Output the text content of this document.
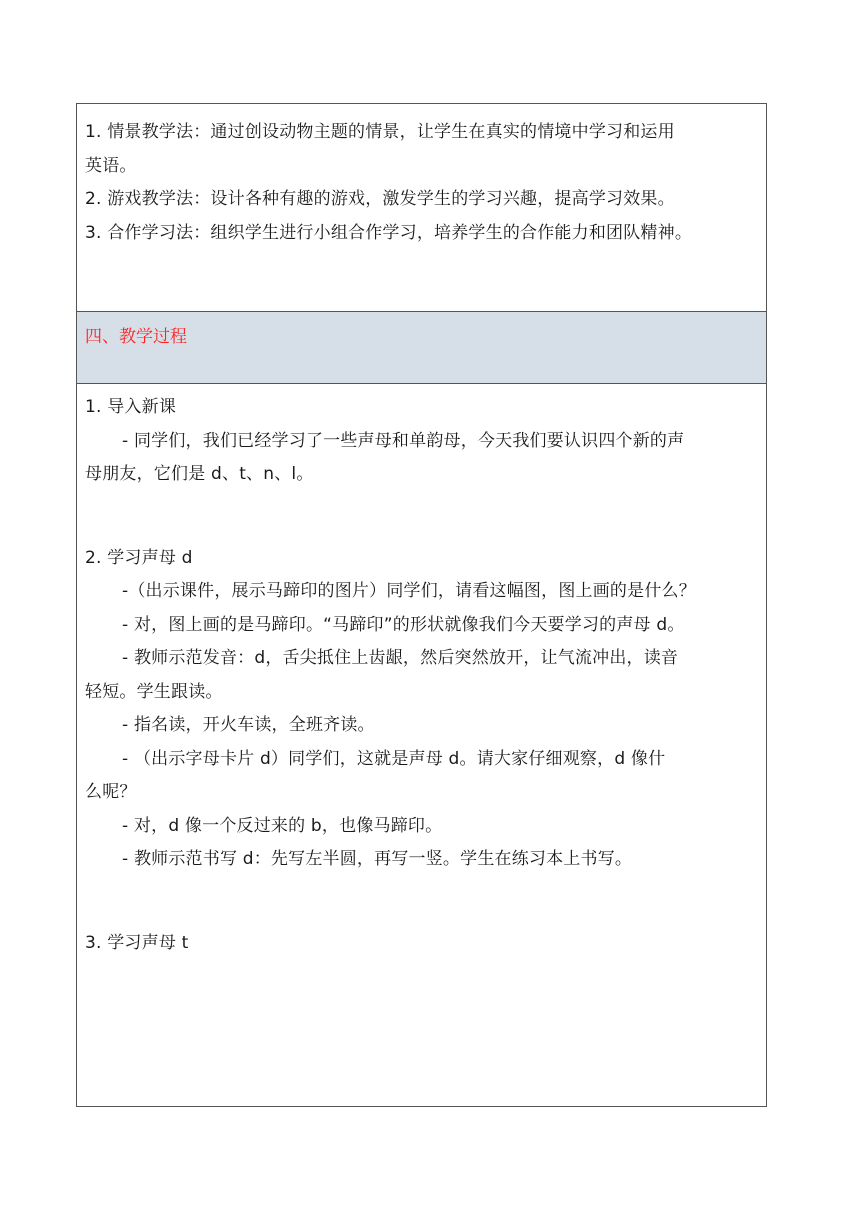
1. 情景教学法：通过创设动物主题的情景，让学生在真实的情境中学习和运用
英语。
2. 游戏教学法：设计各种有趣的游戏，激发学生的学习兴趣，提高学习效果。
3. 合作学习法：组织学生进行小组合作学习，培养学生的合作能力和团队精神。
四、教学过程
1. 导入新课
- 同学们，我们已经学习了一些声母和单韵母，今天我们要认识四个新的声
母朋友，它们是 d、t、n、l。
2. 学习声母 d
-（出示课件，展示马蹄印的图片）同学们，请看这幅图，图上画的是什么？
- 对，图上画的是马蹄印。“马蹄印”的形状就像我们今天要学习的声母 d。
- 教师示范发音：d，舌尖抵住上齿龈，然后突然放开，让气流冲出，读音
轻短。学生跟读。
- 指名读，开火车读，全班齐读。
- （出示字母卡片 d）同学们，这就是声母 d。请大家仔细观察，d 像什
么呢？
- 对，d 像一个反过来的 b，也像马蹄印。
- 教师示范书写 d：先写左半圆，再写一竖。学生在练习本上书写。
3. 学习声母 t
